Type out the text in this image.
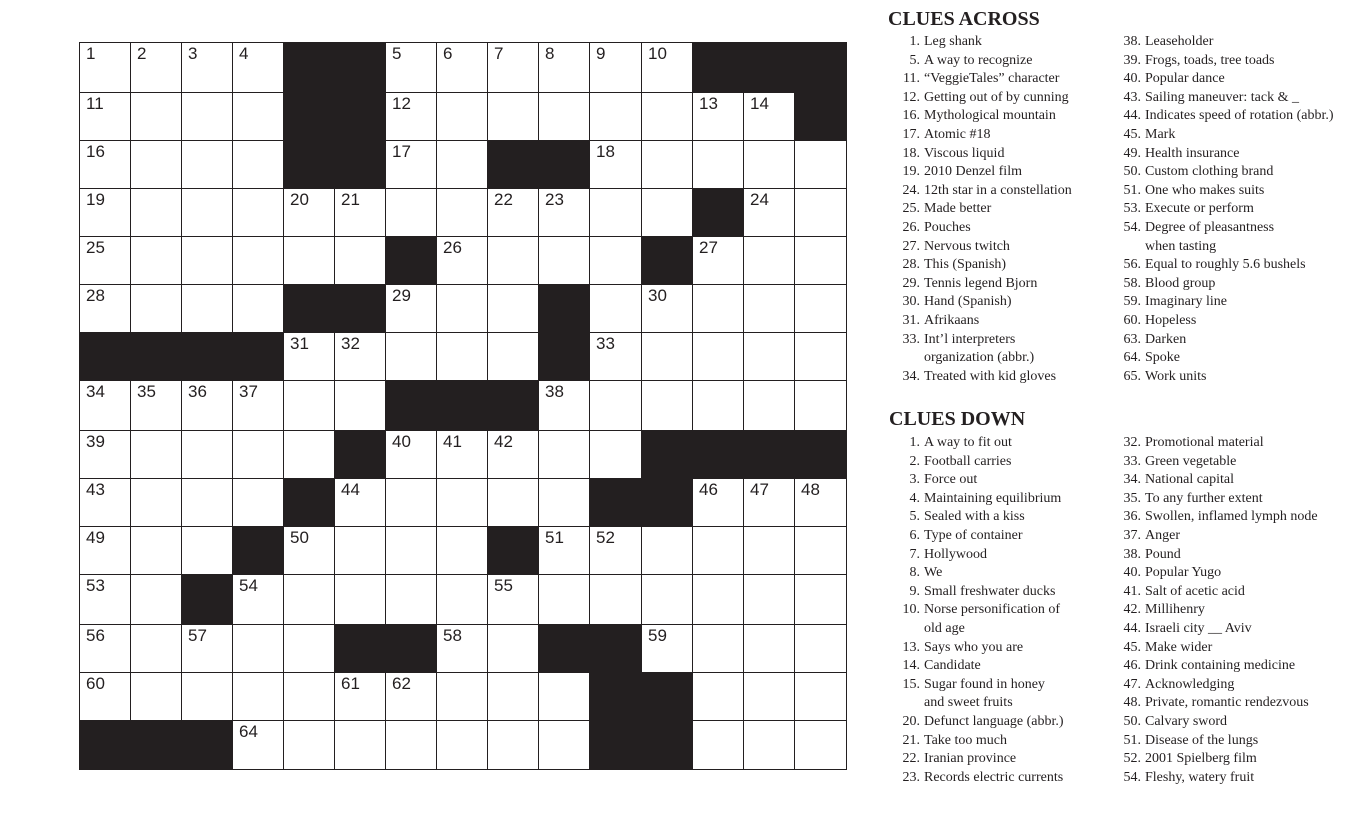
1 2 3 4	5 6 7 8 9	10
11	12	13 14
16	17	18
19	20 21	22 23	24
25	26	27
28	29	30
31 32	33
34 35 36 37	38
39	40 41 42
43	44	46 47 48
49	50	51 52
53	54	55
56	57	58	59
60	61 62
64
CLUES ACROSS
1. Leg shank
5. A way to recognize
11. “VeggieTales” character
12. Getting out of by cunning
16. Mythological mountain
17. Atomic #18
18. Viscous liquid
19. 2010 Denzel film
24. 12th star in a constellation
25. Made better
26. Pouches
27. Nervous twitch
28. This (Spanish)
29. Tennis legend Bjorn
30. Hand (Spanish)
31. Afrikaans
33. Int’l interpreters
organization (abbr.)
34. Treated with kid gloves
38. Leaseholder
39. Frogs, toads, tree toads
40. Popular dance
43. Sailing maneuver: tack & _
44. Indicates speed of rotation (abbr.)
45. Mark
49. Health insurance
50. Custom clothing brand
51. One who makes suits
53. Execute or perform
54. Degree of pleasantness
when tasting
56. Equal to roughly 5.6 bushels
58. Blood group
59. Imaginary line
60. Hopeless
63. Darken
64. Spoke
65. Work units
CLUES DOWN
1. A way to fit out
2. Football carries
3. Force out
4. Maintaining equilibrium
5. Sealed with a kiss
6. Type of container
7. Hollywood
8. We
9. Small freshwater ducks
10. Norse personification of
old age
13. Says who you are
14. Candidate
15. Sugar found in honey
and sweet fruits
20. Defunct language (abbr.)
21. Take too much
22. Iranian province
23. Records electric currents
32. Promotional material
33. Green vegetable
34. National capital
35. To any further extent
36. Swollen, inflamed lymph node
37. Anger
38. Pound
40. Popular Yugo
41. Salt of acetic acid
42. Millihenry
44. Israeli city __ Aviv
45. Make wider
46. Drink containing medicine
47. Acknowledging
48. Private, romantic rendezvous
50. Calvary sword
51. Disease of the lungs
52. 2001 Spielberg film
54. Fleshy, watery fruit
